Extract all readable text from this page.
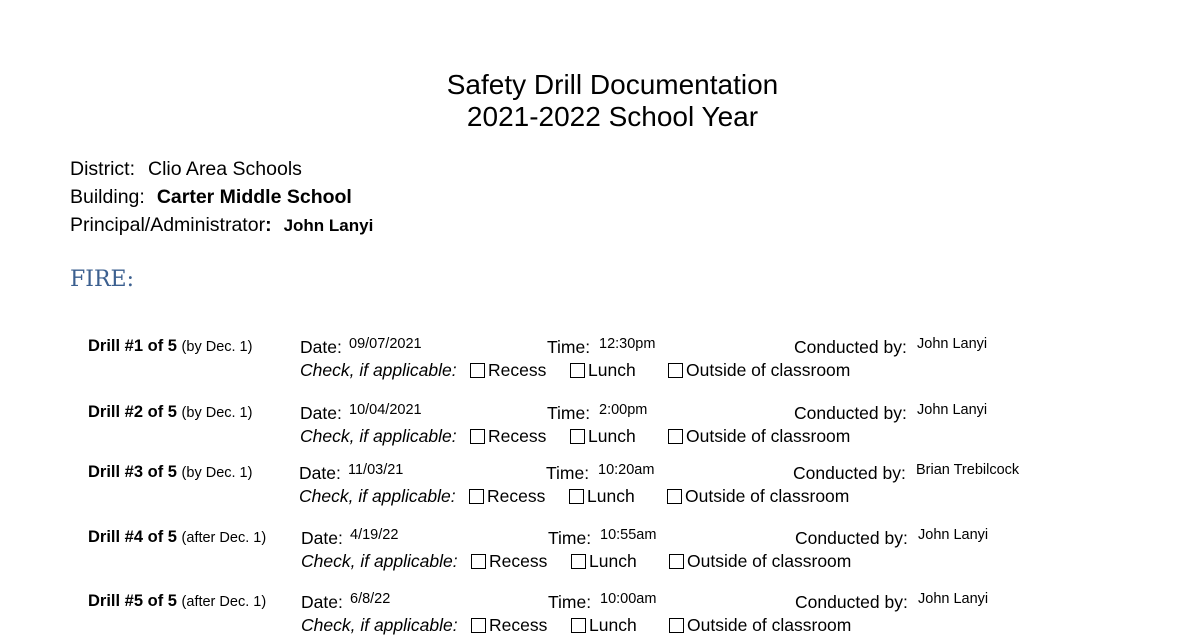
Safety Drill Documentation
2021-2022 School Year
District: Clio Area Schools
Building: Carter Middle School
Principal/Administrator: John Lanyi
FIRE:
Drill #1 of 5 (by Dec. 1)	Date: 09/07/2021	Time: 12:30pm	Conducted by: John Lanyi
Check, if applicable:	Recess	Lunch	Outside of classroom
Drill #2 of 5 (by Dec. 1)	Date: 10/04/2021	Time: 2:00pm	Conducted by: John Lanyi
Check, if applicable:	Recess	Lunch	Outside of classroom
Drill #3 of 5 (by Dec. 1)	Date: 11/03/21	Time: 10:20am	Conducted by: Brian Trebilcock
Check, if applicable:	Recess	Lunch	Outside of classroom
Drill #4 of 5 (after Dec. 1) Date: 4/19/22	Time: 10:55am	Conducted by: John Lanyi
Check, if applicable:	Recess	Lunch	Outside of classroom
Drill #5 of 5 (after Dec. 1) Date: 6/8/22	Time: 10:00am	Conducted by: John Lanyi
Check, if applicable:	Recess	Lunch	Outside of classroom
